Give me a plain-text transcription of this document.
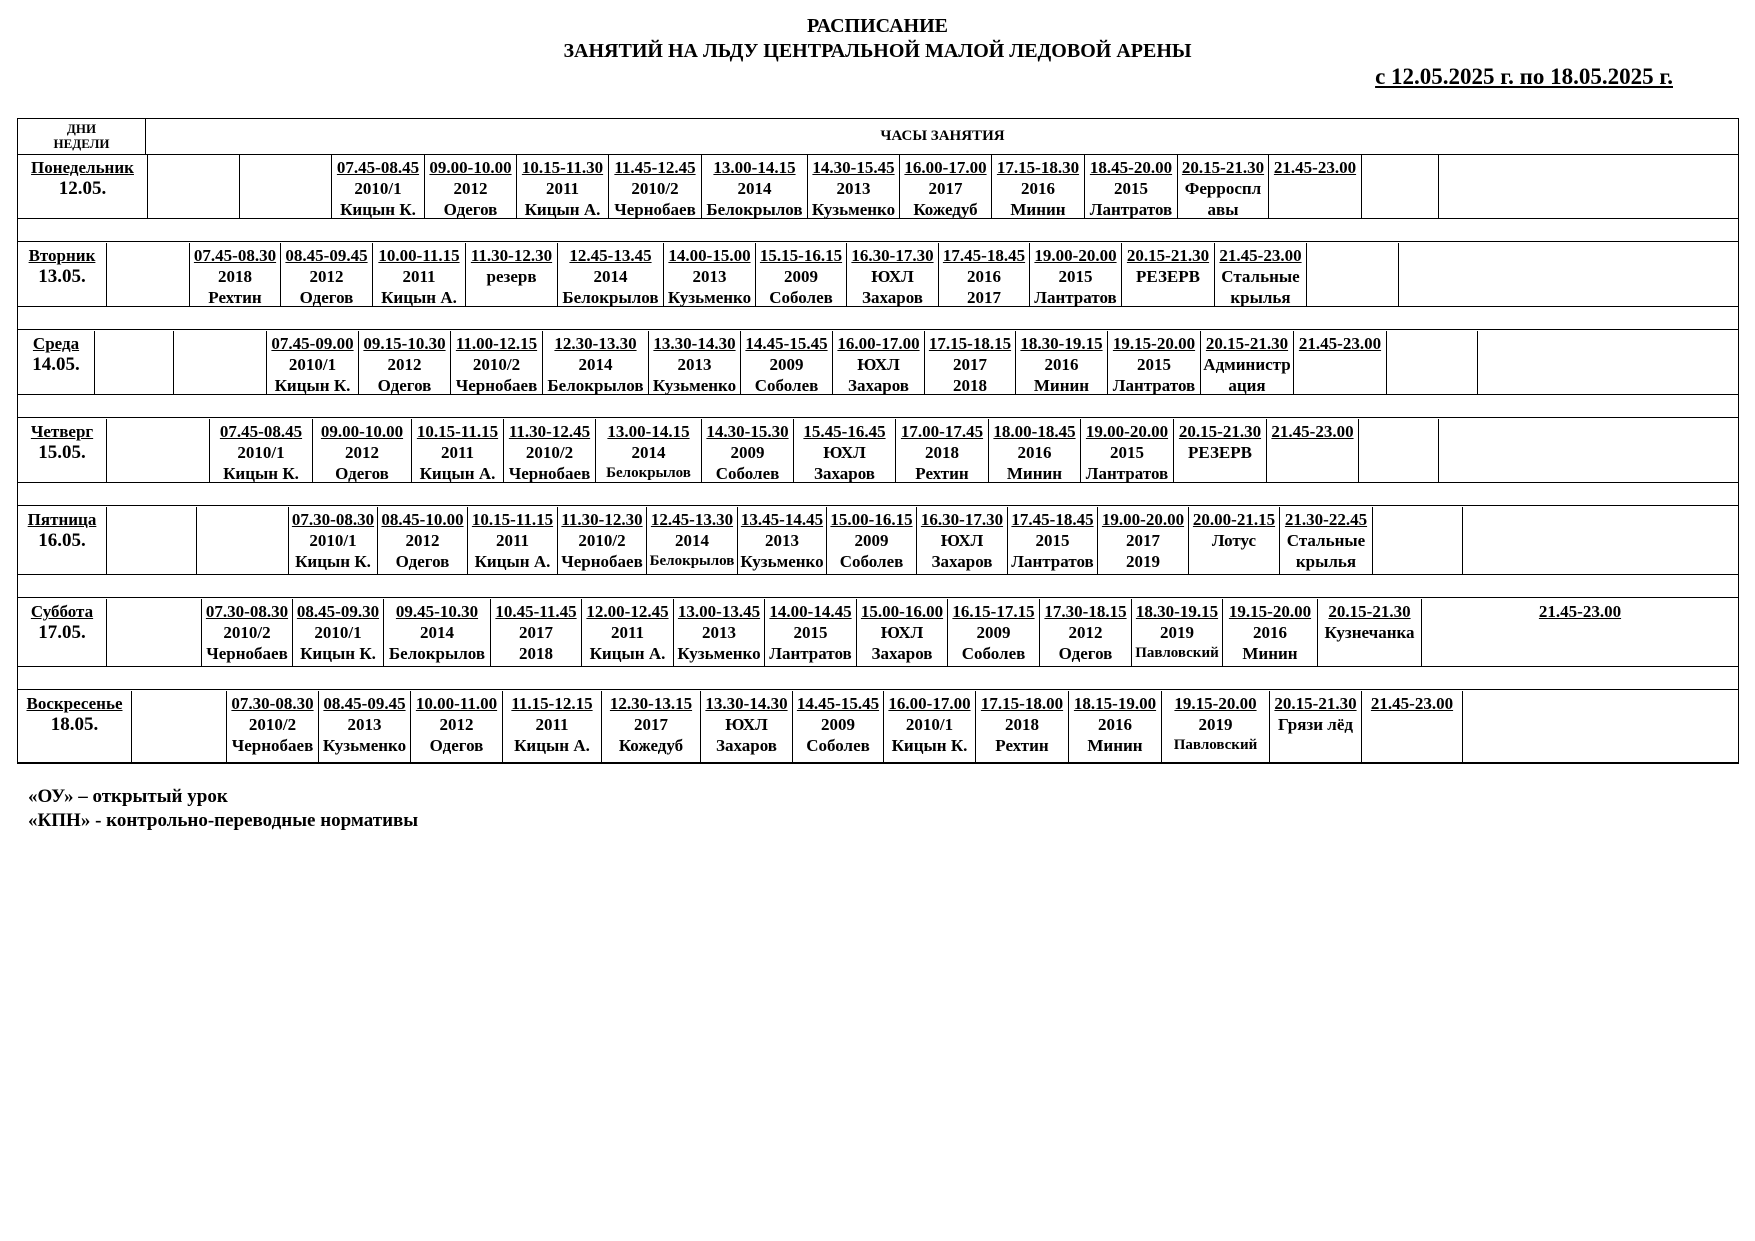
РАСПИСАНИЕ
ЗАНЯТИЙ НА ЛЬДУ ЦЕНТРАЛЬНОЙ МАЛОЙ ЛЕДОВОЙ АРЕНЫ
с 12.05.2025 г. по 18.05.2025 г.
ДНИ
НЕДЕЛИ	ЧАСЫ ЗАНЯТИЯ
Понедельник
12.05.
07.45-08.45
2010/1
Кицын К.
09.00-10.00
2012
Одегов
10.15-11.30
2011
Кицын А.
11.45-12.45
2010/2
Чернобаев
13.00-14.15
2014
Белокрылов
14.30-15.45
2013
Кузьменко
16.00-17.00
2017
Кожедуб
17.15-18.30
2016
Минин
18.45-20.00
2015
Лантратов
20.15-21.30
Ферроспл
авы
21.45-23.00
Вторник
13.05.
07.45-08.30
2018
Рехтин
08.45-09.45
2012
Одегов
10.00-11.15
2011
Кицын А.
11.30-12.30
резерв
12.45-13.45
2014
Белокрылов
14.00-15.00
2013
Кузьменко
15.15-16.15
2009
Соболев
16.30-17.30
ЮХЛ
Захаров
17.45-18.45
2016
2017
19.00-20.00
2015
Лантратов
20.15-21.30
РЕЗЕРВ
21.45-23.00
Стальные
крылья
Среда
14.05.
07.45-09.00
2010/1
Кицын К.
09.15-10.30
2012
Одегов
11.00-12.15
2010/2
Чернобаев
12.30-13.30
2014
Белокрылов
13.30-14.30
2013
Кузьменко
14.45-15.45
2009
Соболев
16.00-17.00
ЮХЛ
Захаров
17.15-18.15
2017
2018
18.30-19.15
2016
Минин
19.15-20.00
2015
Лантратов
20.15-21.30
Администр
ация
21.45-23.00
Четверг
15.05.
07.45-08.45
2010/1
Кицын К.
09.00-10.00
2012
Одегов
10.15-11.15
2011
Кицын А.
11.30-12.45
2010/2
Чернобаев
13.00-14.15
2014
Белокрылов
14.30-15.30
2009
Соболев
15.45-16.45
ЮХЛ
Захаров
17.00-17.45
2018
Рехтин
18.00-18.45
2016
Минин
19.00-20.00
2015
Лантратов
20.15-21.30
РЕЗЕРВ
21.45-23.00
Пятница
16.05.
07.30-08.30
2010/1
Кицын К.
08.45-10.00
2012
Одегов
10.15-11.15
2011
Кицын А.
11.30-12.30
2010/2
Чернобаев
12.45-13.30
2014
Белокрылов
13.45-14.45
2013
Кузьменко
15.00-16.15
2009
Соболев
16.30-17.30
ЮХЛ
Захаров
17.45-18.45
2015
Лантратов
19.00-20.00
2017
2019
20.00-21.15
Лотус
21.30-22.45
Стальные
крылья
Суббота
17.05.
07.30-08.30
2010/2
Чернобаев
08.45-09.30
2010/1
Кицын К.
09.45-10.30
2014
Белокрылов
10.45-11.45
2017
2018
12.00-12.45
2011
Кицын А.
13.00-13.45
2013
Кузьменко
14.00-14.45
2015
Лантратов
15.00-16.00
ЮХЛ
Захаров
16.15-17.15
2009
Соболев
17.30-18.15
2012
Одегов
18.30-19.15
2019
Павловский
19.15-20.00
2016
Минин
20.15-21.30
Кузнечанка
21.45-23.00
Воскресенье
18.05.
07.30-08.30
2010/2
Чернобаев
08.45-09.45
2013
Кузьменко
10.00-11.00
2012
Одегов
11.15-12.15
2011
Кицын А.
12.30-13.15
2017
Кожедуб
13.30-14.30
ЮХЛ
Захаров
14.45-15.45
2009
Соболев
16.00-17.00
2010/1
Кицын К.
17.15-18.00
2018
Рехтин
18.15-19.00
2016
Минин
19.15-20.00
2019
Павловский
20.15-21.30
Грязи лёд
21.45-23.00
«ОУ» – открытый урок
«КПН» - контрольно-переводные нормативы
